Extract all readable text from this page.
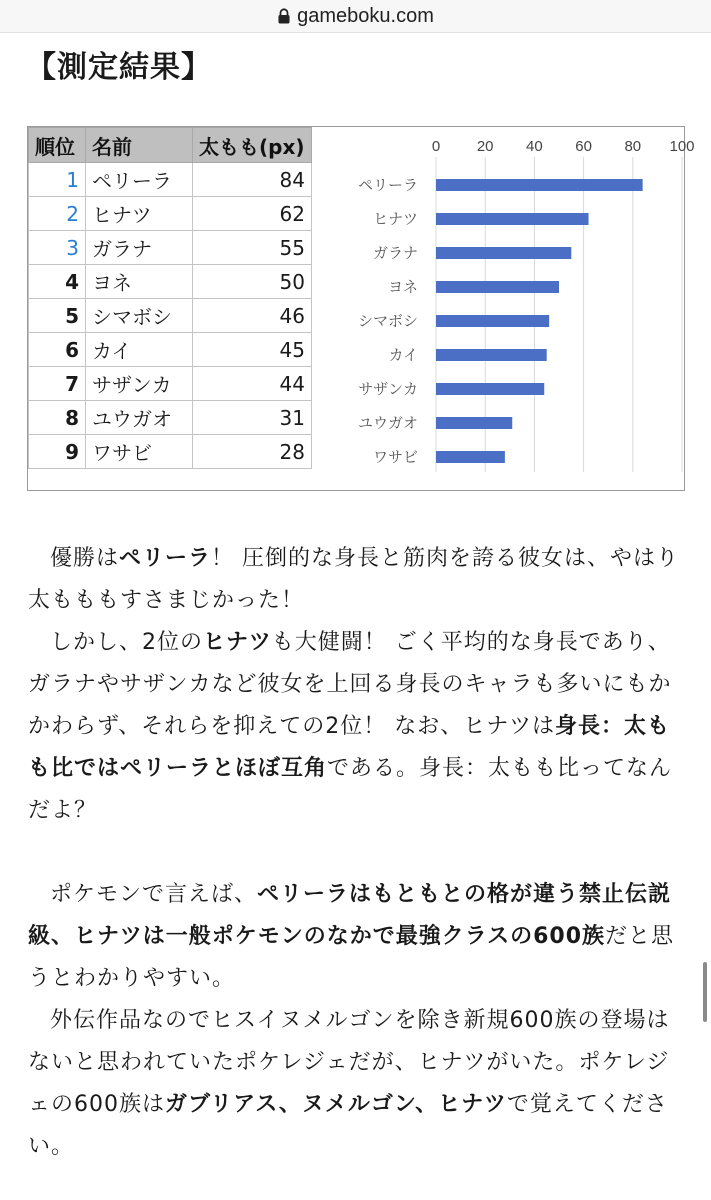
gameboku.com
【測定結果】
順位	名前	太もも(px)
1	ペリーラ	84
2	ヒナツ	62
3	ガラナ	55
4	ヨネ	50
5	シマボシ	46
6	カイ	45
7	サザンカ	44
8	ユウガオ	31
9	ワサビ	28
0 20 40 60 80 100
ペリーラ
ヒナツ
ガラナ
ヨネ
シマボシ
カイ
サザンカ
ユウガオ
ワサビ

優勝はペリーラ！ 圧倒的な身長と筋肉を誇る彼女は、やはり太もももすさまじかった！

しかし、2位のヒナツも大健闘！ ごく平均的な身長であり、ガラナやサザンカなど彼女を上回る身長のキャラも多いにもかかわらず、それらを抑えての2位！ なお、ヒナツは身長：太もも比ではペリーラとほぼ互角である。身長：太もも比ってなんだよ？

ポケモンで言えば、ペリーラはもともとの格が違う禁止伝説級、ヒナツは一般ポケモンのなかで最強クラスの600族だと思うとわかりやすい。

外伝作品なのでヒスイヌメルゴンを除き新規600族の登場はないと思われていたポケレジェだが、ヒナツがいた。ポケレジェの600族はガブリアス、ヌメルゴン、ヒナツで覚えてください。
